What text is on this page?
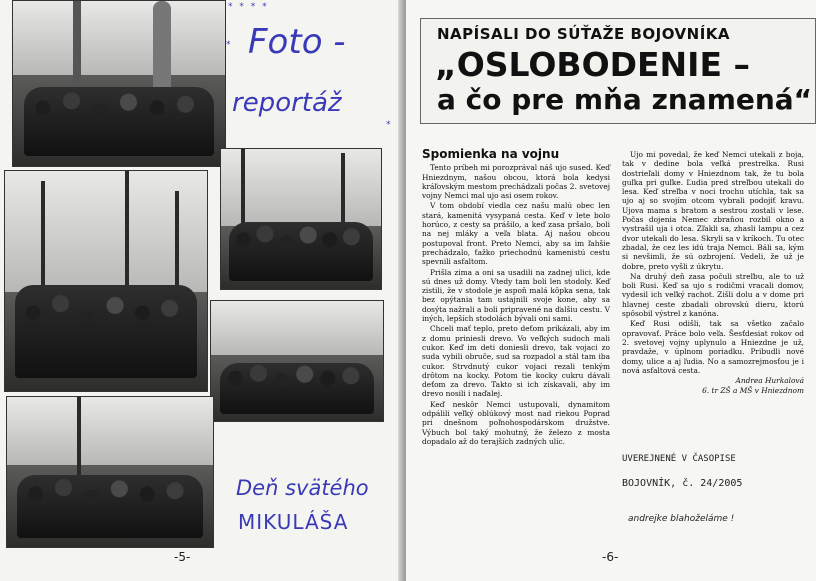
Foto -
reportáž
* * * *
*
*
Deň svätého
MIKULÁŠA
-5-
NAPÍSALI DO SÚŤAŽE BOJOVNÍKA
„OSLOBODENIE –
a čo pre mňa znamená“
Spomienka na vojnu

Tento príbeh mi porozprával náš ujo sused. Keď Hniezdnym, našou obcou, ktorá bola kedysi kráľovským mestom prechádzali počas 2. svetovej vojny Nemci mal ujo asi osem rokov.

V tom období viedla cez našu malú obec len stará, kamenitá vysypaná cesta. Keď v lete bolo horúco, z cesty sa prášilo, a keď zasa pršalo, boli na nej mláky a veľa blata. Aj našou obcou postupoval front. Preto Nemci, aby sa im ľahšie prechádzalo, ťažko priechodnú kamenistú cestu spevnili asfaltom.

Prišla zima a oni sa usadili na zadnej ulici, kde sú dnes už domy. Vtedy tam boli len stodoly. Keď zistili, že v stodole je aspoň malá kôpka sena, tak bez opýtania tam ustajnili svoje kone, aby sa dosýta nažrali a boli pripravené na ďalšiu cestu. V iných, lepších stodolách bývali oni sami.

Chceli mať teplo, preto deťom prikázali, aby im z domu priniesli drevo. Vo veľkých sudoch mali cukor. Keď im deti doniesli drevo, tak vojaci zo suda vybili obruče, sud sa rozpadol a stál tam iba cukor. Strvdnutý cukor vojaci rezali tenkým drôtom na kocky. Potom tie kocky cukru dávali deťom za drevo. Takto si ich získavali, aby im drevo nosili i naďalej.

Keď neskôr Nemci ustupovali, dynamitom odpálili veľký oblúkový most nad riekou Poprad pri dnešnom poľnohospodárskom družstve. Výbuch bol taký mohutný, že železo z mosta dopadalo až do terajších zadných ulíc.

Ujo mi povedal, že keď Nemci utekali z boja, tak v dedine bola veľká prestrelka. Rusi dostrieľali domy v Hniezdnom tak, že tu bola guľka pri guľke. Ľudia pred streľbou utekali do lesa. Keď streľba v noci trochu utíchla, tak sa ujo aj so svojím otcom vybrali podojiť kravu. Ujova mama s bratom a sestrou zostali v lese. Počas dojenia Nemec zbraňou rozbil okno a vystrašil uja i otca. Zľakli sa, zhasli lampu a cez dvor utekali do lesa. Skryli sa v kríkoch. Tu otec zbadal, že cez les idú traja Nemci. Báli sa, kým si nevšimli, že sú ozbrojení. Vedeli, že už je dobre, preto vyšli z úkrytu.

Na druhý deň zasa počuli streľbu, ale to už boli Rusi. Keď sa ujo s rodičmi vracali domov, vydesil ich veľký rachot. Zišli dolu a v dome pri hlavnej ceste zbadali obrovskú dieru, ktorú spôsobil výstrel z kanóna.

Keď Rusi odišli, tak sa všetko začalo opravovať. Práce bolo veľa. Šesťdesiat rokov od 2. svetovej vojny uplynulo a Hniezdne je už, pravdaže, v úplnom poriadku. Pribudli nové domy, ulice a aj ľudia. No a samozrejmosťou je i nová asfaltová cesta.

Andrea Hurkalová
6. tr ZŠ a MŠ v Hniezdnom
-6-
UVEREJNENÉ V ČASOPISE
BOJOVNÍK, č. 24/2005
andrejke blahoželáme !
